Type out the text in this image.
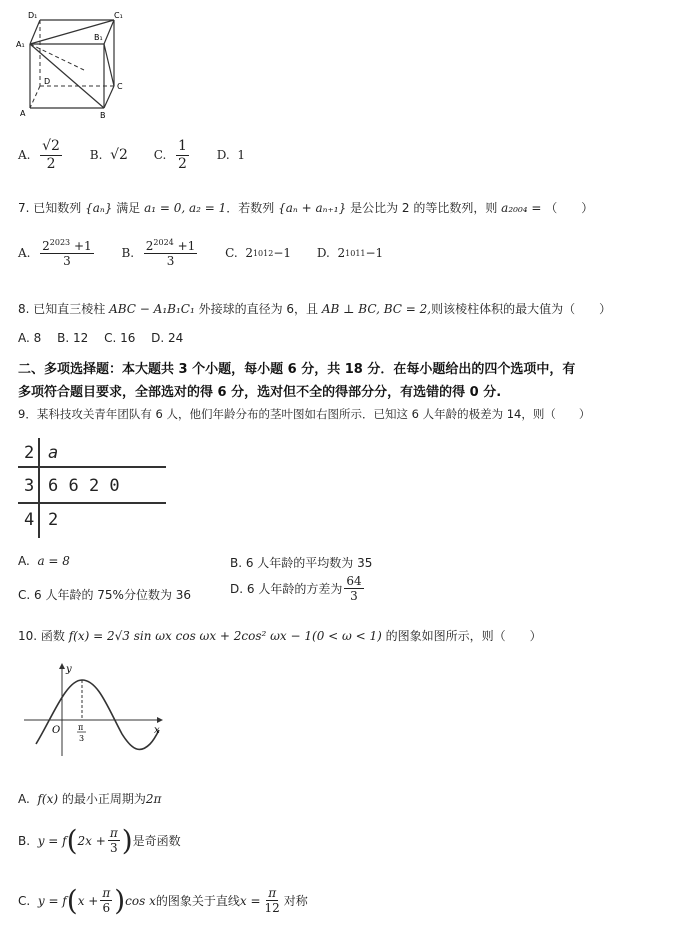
D₁	C₁
A₁
B₁
D
C
A	B
A.
$\frac{√2}{2}$
B.
√2
C.
$\frac{1}{2}$
D.
1
7. 已知数列 {aₙ} 满足 a₁ = 0, a₂ = 1．若数列 {aₙ + aₙ₊₁} 是公比为 2 的等比数列，则 a₂₀₀₄ = （　　）
A.
$\frac{2^{2023} +1}{3}$
B.
$\frac{2^{2024} +1}{3}$
C.
2 1012 −1
D.
2 1011 −1
8. 已知直三棱柱 ABC − A₁B₁C₁ 外接球的直径为 6，且 AB ⊥ BC, BC = 2,则该棱柱体积的最大值为（　　）
A. 8 B. 12 C. 16 D. 24
二、多项选择题：本大题共 3 个小题，每小题 6 分，共 18 分．在每小题给出的四个选项中，有
多项符合题目要求，全部选对的得 6 分，选对但不全的得部分分，有选错的得 0 分.
9．某科技攻关青年团队有 6 人，他们年龄分布的茎叶图如右图所示．已知这 6 人年龄的极差为 14，则（　　）
2 a
3 6 6 2 0
4 2
A. a = 8	B. 6 人年龄的平均数为 35
C. 6 人年龄的 75%分位数为 36	D. 6 人年龄的方差为 $\frac{64}{3}$
10. 函数 f(x) = 2√3 sin ωx cos ωx + 2cos² ωx − 1(0 < ω < 1) 的图象如图所示，则（　　）
y
x
O π
3
A. f(x) 的最小正周期为2π
B.
y = f ( $2x + \frac{\pi}{3}$ ) 是奇函数
C.
y = f ( $x + \frac{\pi}{6}$ ) cos x 的图象关于直线 $x = \frac{\pi}{12}$ 对称
